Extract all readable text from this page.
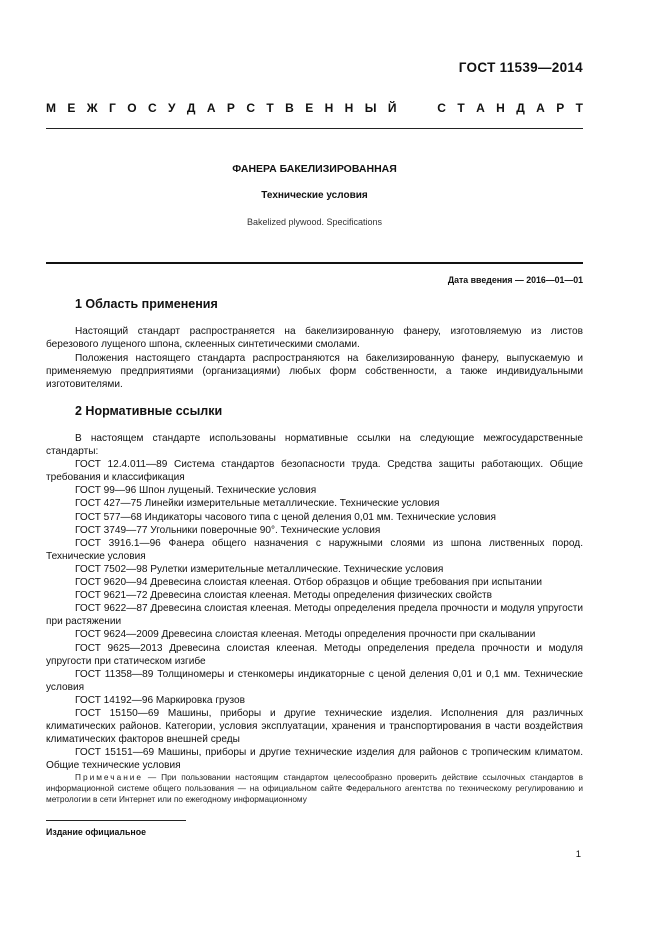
ГОСТ 11539—2014
М Е Ж Г О С У Д А Р С Т В Е Н Н Ы Й	С Т А Н Д А Р Т
ФАНЕРА БАКЕЛИЗИРОВАННАЯ
Технические условия
Bakelized plywood. Specifications
Дата введения — 2016—01—01
1 Область применения
Настоящий стандарт распространяется на бакелизированную фанеру, изготовляемую из листов березового лущеного шпона, склеенных синтетическими смолами.
Положения настоящего стандарта распространяются на бакелизированную фанеру, выпускаемую и применяемую предприятиями (организациями) любых форм собственности, а также индивидуальными изготовителями.
2 Нормативные ссылки

В настоящем стандарте использованы нормативные ссылки на следующие межгосударственные стандарты:

ГОСТ 12.4.011—89 Система стандартов безопасности труда. Средства защиты работающих. Общие требования и классификация

ГОСТ 99—96 Шпон лущеный. Технические условия

ГОСТ 427—75 Линейки измерительные металлические. Технические условия

ГОСТ 577—68 Индикаторы часового типа с ценой деления 0,01 мм. Технические условия

ГОСТ 3749—77 Угольники поверочные 90°. Технические условия

ГОСТ 3916.1—96 Фанера общего назначения с наружными слоями из шпона лиственных пород. Технические условия

ГОСТ 7502—98 Рулетки измерительные металлические. Технические условия

ГОСТ 9620—94 Древесина слоистая клееная. Отбор образцов и общие требования при испытании

ГОСТ 9621—72 Древесина слоистая клееная. Методы определения физических свойств

ГОСТ 9622—87 Древесина слоистая клееная. Методы определения предела прочности и модуля упругости при растяжении

ГОСТ 9624—2009 Древесина слоистая клееная. Методы определения прочности при скалывании

ГОСТ 9625—2013 Древесина слоистая клееная. Методы определения предела прочности и модуля упругости при статическом изгибе

ГОСТ 11358—89 Толщиномеры и стенкомеры индикаторные с ценой деления 0,01 и 0,1 мм. Технические условия

ГОСТ 14192—96 Маркировка грузов

ГОСТ 15150—69 Машины, приборы и другие технические изделия. Исполнения для различных климатических районов. Категории, условия эксплуатации, хранения и транспортирования в части воздействия климатических факторов внешней среды

ГОСТ 15151—69 Машины, приборы и другие технические изделия для районов с тропическим климатом. Общие технические условия

Примечание — При пользовании настоящим стандартом целесообразно проверить действие ссылочных стандартов в информационной системе общего пользования — на официальном сайте Федерального агентства по техническому регулированию и метрологии в сети Интернет или по ежегодному информационному
Издание официальное
1
